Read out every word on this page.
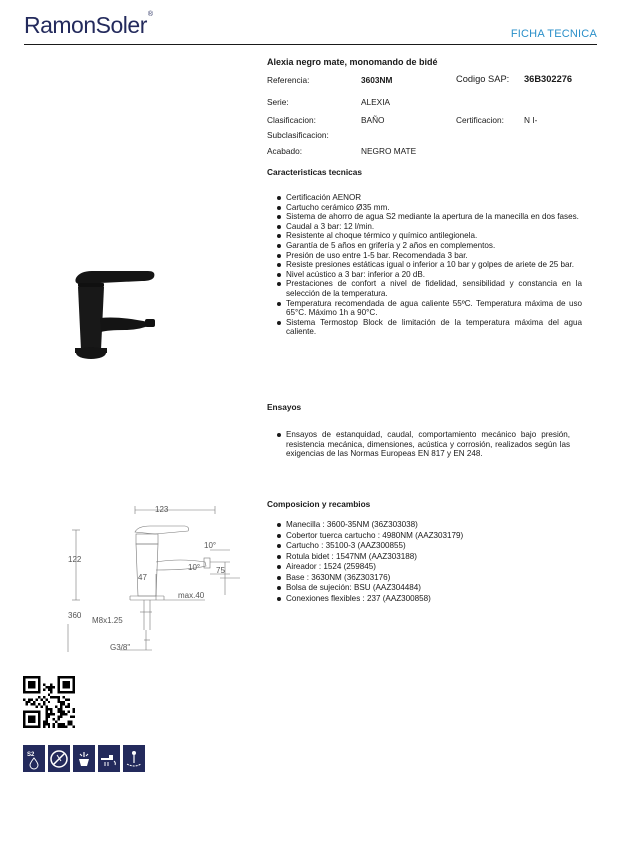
RamonSoler®
FICHA TECNICA
Alexia negro mate, monomando de bidé
Referencia:	3603NM	Codigo SAP: 36B302276
Serie:	ALEXIA
Clasificacion:	BAÑO	Certificacion: N I-
Subclasificacion:
Acabado:	NEGRO MATE
Caracteristicas tecnicas
Certificación AENOR
Cartucho cerámico Ø35 mm.
Sistema de ahorro de agua S2 mediante la apertura de la manecilla en dos fases.
Caudal a 3 bar: 12 l/min.
Resistente al choque térmico y químico antilegionela.
Garantía de 5 años en grifería y 2 años en complementos.
Presión de uso entre 1-5 bar. Recomendada 3 bar.
Resiste presiones estáticas igual o inferior a 10 bar y golpes de ariete de 25 bar.
Nivel acústico a 3 bar: inferior a 20 dB.
Prestaciones de confort a nivel de fidelidad, sensibilidad y constancia en la selección de la temperatura.
Temperatura recomendada de agua caliente 55ºC. Temperatura máxima de uso 65°C. Máximo 1h a 90°C.
Sistema Termostop Block de limitación de la temperatura máxima del agua caliente.
Ensayos
Ensayos de estanquidad, caudal, comportamiento mecánico bajo presión, resistencia mecánica, dimensiones, acústica y corrosión, realizados según las exigencias de las Normas Europeas EN 817 y EN 248.
Composicion y recambios
Manecilla : 3600-35NM (36Z303038)
Cobertor tuerca cartucho : 4980NM (AAZ303179)
Cartucho : 35100-3 (AAZ300855)
Rotula bidet : 1547NM (AAZ303188)
Aireador : 1524 (259845)
Base : 3630NM (36Z303176)
Bolsa de sujeción: BSU (AAZ304484)
Conexiones flexibles : 237 (AAZ300858)
123
122
10°
10° 75
47
max.40
360
M8x1.25
G3/8"
S2
